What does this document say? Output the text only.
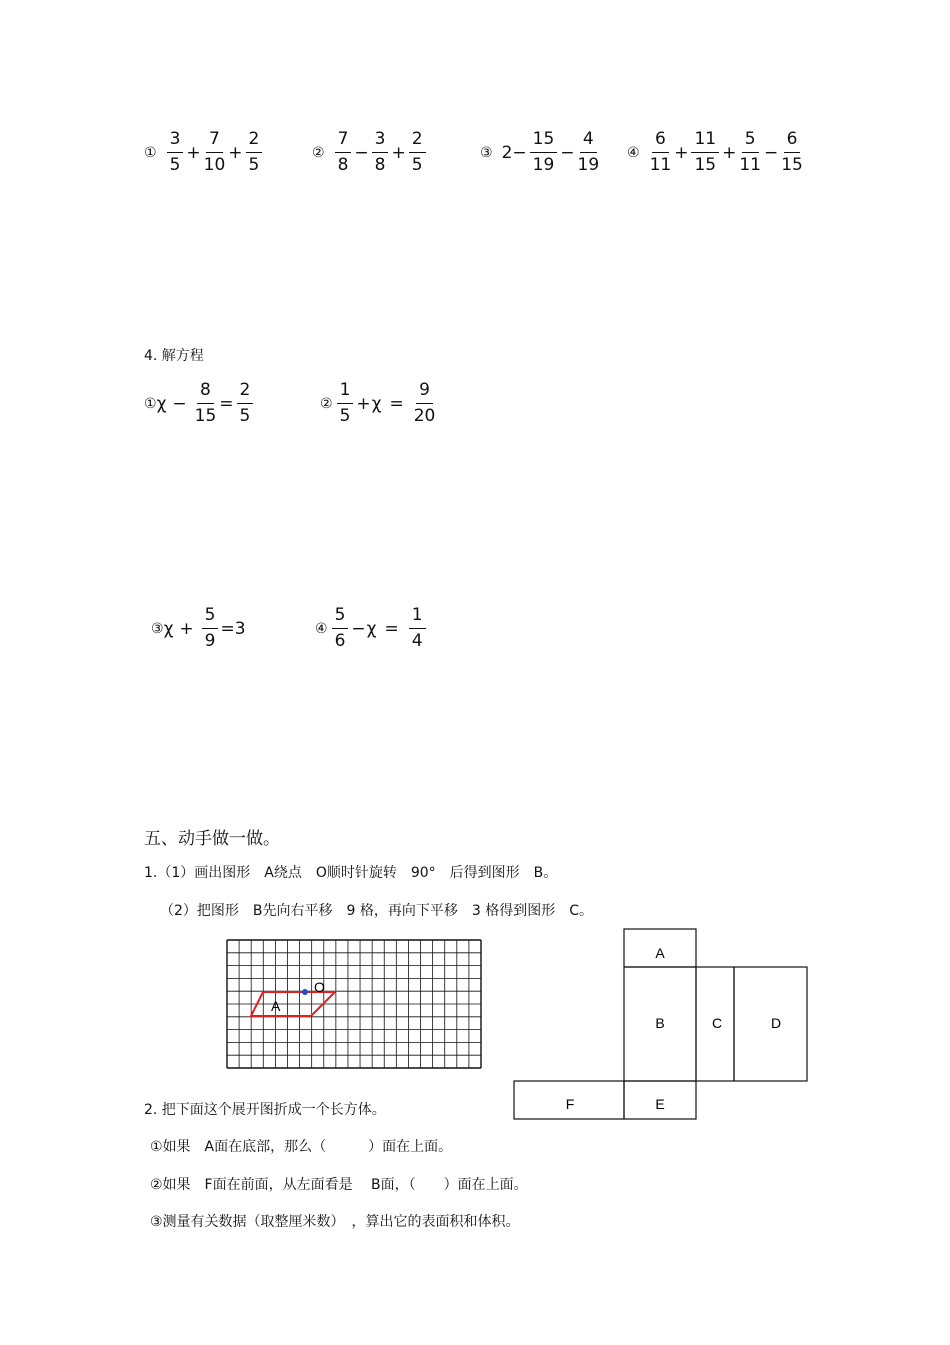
① $\frac{3}{5} + \frac{7}{10} + \frac{2}{5}$	② $\frac{7}{8} - \frac{3}{8} + \frac{2}{5}$	③ $2- \frac{15}{19} - \frac{4}{19}$ ④ $\frac{6}{11} + \frac{11}{15} + \frac{5}{11} - \frac{6}{15}$
4. 解方程
① $\chi - \frac{8}{15} = \frac{2}{5}$	② $\frac{1}{5} + \chi = \frac{9}{20}$
③ $\chi + \frac{5}{9} =3$	④ $\frac{5}{6} - \chi = \frac{1}{4}$
五、动手做一做。
1.（1）画出图形　A绕点　O顺时针旋转　90°　后得到图形　B。
（2）把图形　B先向右平移　9 格，再向下平移　3 格得到图形　C。
A
O
A
B	C	D
E
F
2. 把下面这个展开图折成一个长方体。
①如果　A面在底部，那么（　　　）面在上面。
②如果　F面在前面，从左面看是　 B面，（　　）面在上面。
③测量有关数据（取整厘米数）　，算出它的表面积和体积。
